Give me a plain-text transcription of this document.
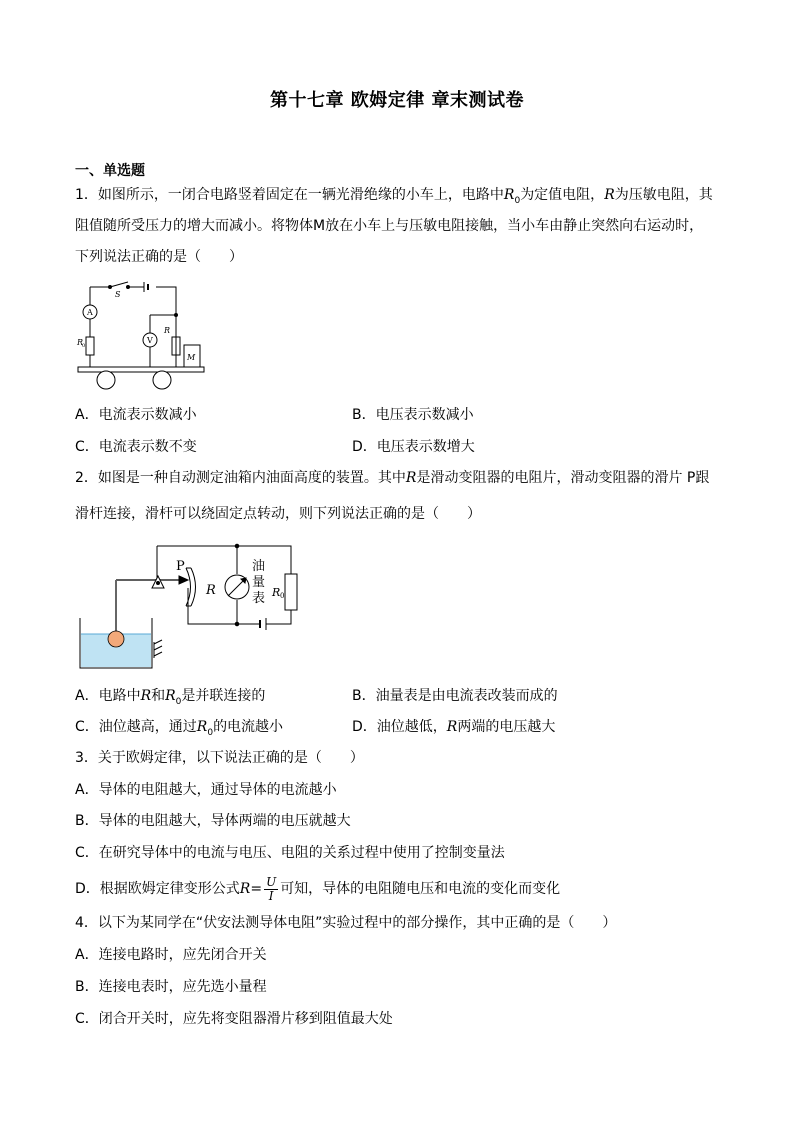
第十七章 欧姆定律 章末测试卷
一、单选题
1．如图所示，一闭合电路竖着固定在一辆光滑绝缘的小车上，电路中$R_0$为定值电阻，R为压敏电阻，其
阻值随所受压力的增大而减小。将物体M放在小车上与压敏电阻接触，当小车由静止突然向右运动时，
下列说法正确的是（　　）
S
A
V
R
0
R
M
A．电流表示数减小	B．电压表示数减小
C．电流表示数不变	D．电压表示数增大
2．如图是一种自动测定油箱内油面高度的装置。其中R是滑动变阻器的电阻片，滑动变阻器的滑片 P跟
滑杆连接，滑杆可以绕固定点转动，则下列说法正确的是（　　）
P
R
油
量
表 R 0
A．电路中R和$R_0$是并联连接的	B．油量表是由电流表改装而成的
C．油位越高，通过$R_0$的电流越小	D．油位越低，R两端的电压越大
3．关于欧姆定律，以下说法正确的是（　　）
A．导体的电阻越大，通过导体的电流越小
B．导体的电阻越大，导体两端的电压就越大
C．在研究导体中的电流与电压、电阻的关系过程中使用了控制变量法
D．根据欧姆定律变形公式$R= \frac{U}{I}$ 可知，导体的电阻随电压和电流的变化而变化
4．以下为某同学在“伏安法测导体电阻”实验过程中的部分操作，其中正确的是（　　）
A．连接电路时，应先闭合开关
B．连接电表时，应先选小量程
C．闭合开关时，应先将变阻器滑片移到阻值最大处
